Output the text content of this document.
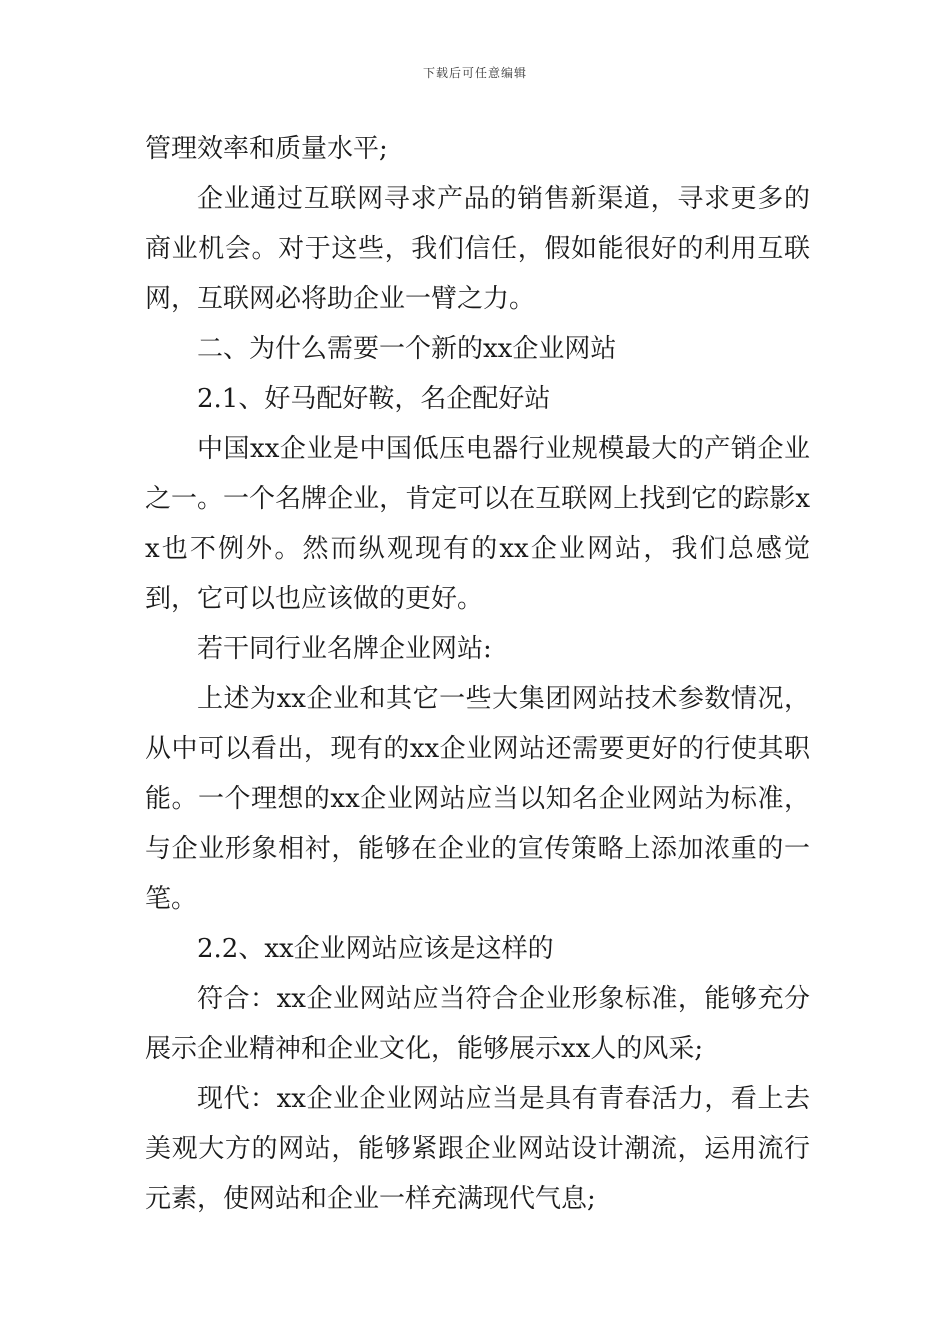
下载后可任意编辑

管理效率和质量水平;

企业通过互联网寻求产品的销售新渠道，寻求更多的商业机会。对于这些，我们信任，假如能很好的利用互联网，互联网必将助企业一臂之力。

二、为什么需要一个新的xx企业网站

2.1、好马配好鞍，名企配好站

中国xx企业是中国低压电器行业规模最大的产销企业之一。一个名牌企业，肯定可以在互联网上找到它的踪影xx也不例外。然而纵观现有的xx企业网站，我们总感觉到，它可以也应该做的更好。

若干同行业名牌企业网站:

上述为xx企业和其它一些大集团网站技术参数情况，从中可以看出，现有的xx企业网站还需要更好的行使其职能。一个理想的xx企业网站应当以知名企业网站为标准，与企业形象相衬，能够在企业的宣传策略上添加浓重的一笔。

2.2、xx企业网站应该是这样的

符合：xx企业网站应当符合企业形象标准，能够充分展示企业精神和企业文化，能够展示xx人的风采;

现代：xx企业企业网站应当是具有青春活力，看上去美观大方的网站，能够紧跟企业网站设计潮流，运用流行元素，使网站和企业一样充满现代气息;
